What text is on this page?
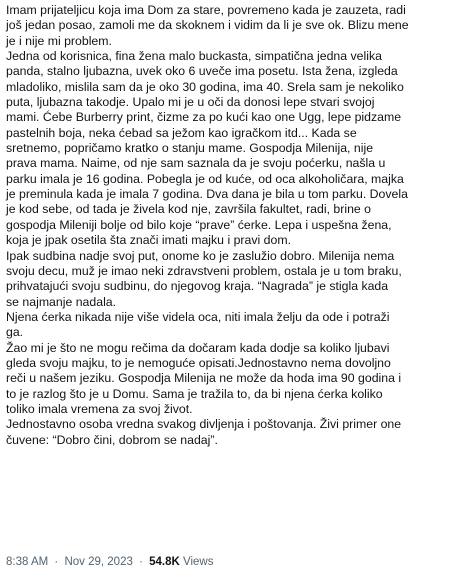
Imam prijateljicu koja ima Dom za stare, povremeno kada je zauzeta, radi
još jedan posao, zamoli me da skoknem i vidim da li je sve ok. Blizu mene
je i nije mi problem.

Jedna od korisnica, fina žena malo buckasta, simpatična jedna velika
panda, stalno ljubazna, uvek oko 6 uveče ima posetu. Ista žena, izgleda
mladoliko, mislila sam da je oko 30 godina, ima 40. Srela sam je nekoliko
puta, ljubazna takodje. Upalo mi je u oči da donosi lepe stvari svojoj
mami. Ćebe Burberry print, čizme za po kući kao one Ugg, lepe pidzame
pastelnih boja, neka ćebad sa ježom kao igračkom itd... Kada se
sretnemo, popričamo kratko o stanju mame. Gospodja Milenija, nije
prava mama. Naime, od nje sam saznala da je svoju poćerku, našla u
parku imala je 16 godina. Pobegla je od kuće, od oca alkoholičara, majka
je preminula kada je imala 7 godina. Dva dana je bila u tom parku. Dovela
je kod sebe, od tada je živela kod nje, završila fakultet, radi, brine o
gospodja Mileniji bolje od bilo koje “prave” ćerke. Lepa i uspešna žena,
koja je jpak osetila šta znači imati majku i pravi dom.

Ipak sudbina nadje svoj put, onome ko je zaslužio dobro. Milenija nema
svoju decu, muž je imao neki zdravstveni problem, ostala je u tom braku,
prihvatajući svoju sudbinu, do njegovog kraja. “Nagrada” je stigla kada
se najmanje nadala.

Njena ćerka nikada nije više videla oca, niti imala želju da ode i potraži
ga.

Žao mi je što ne mogu rečima da dočaram kada dodje sa koliko ljubavi
gleda svoju majku, to je nemoguće opisati.Jednostavno nema dovoljno
reči u našem jeziku. Gospodja Milenija ne može da hoda ima 90 godina i
to je razlog što je u Domu. Sama je tražila to, da bi njena ćerka koliko
toliko imala vremena za svoj život.

Jednostavno osoba vredna svakog divljenja i poštovanja. Živi primer one
čuvene: “Dobro čini, dobrom se nadaj”.

8:38 AM · Nov 29, 2023 · 54.8K Views
